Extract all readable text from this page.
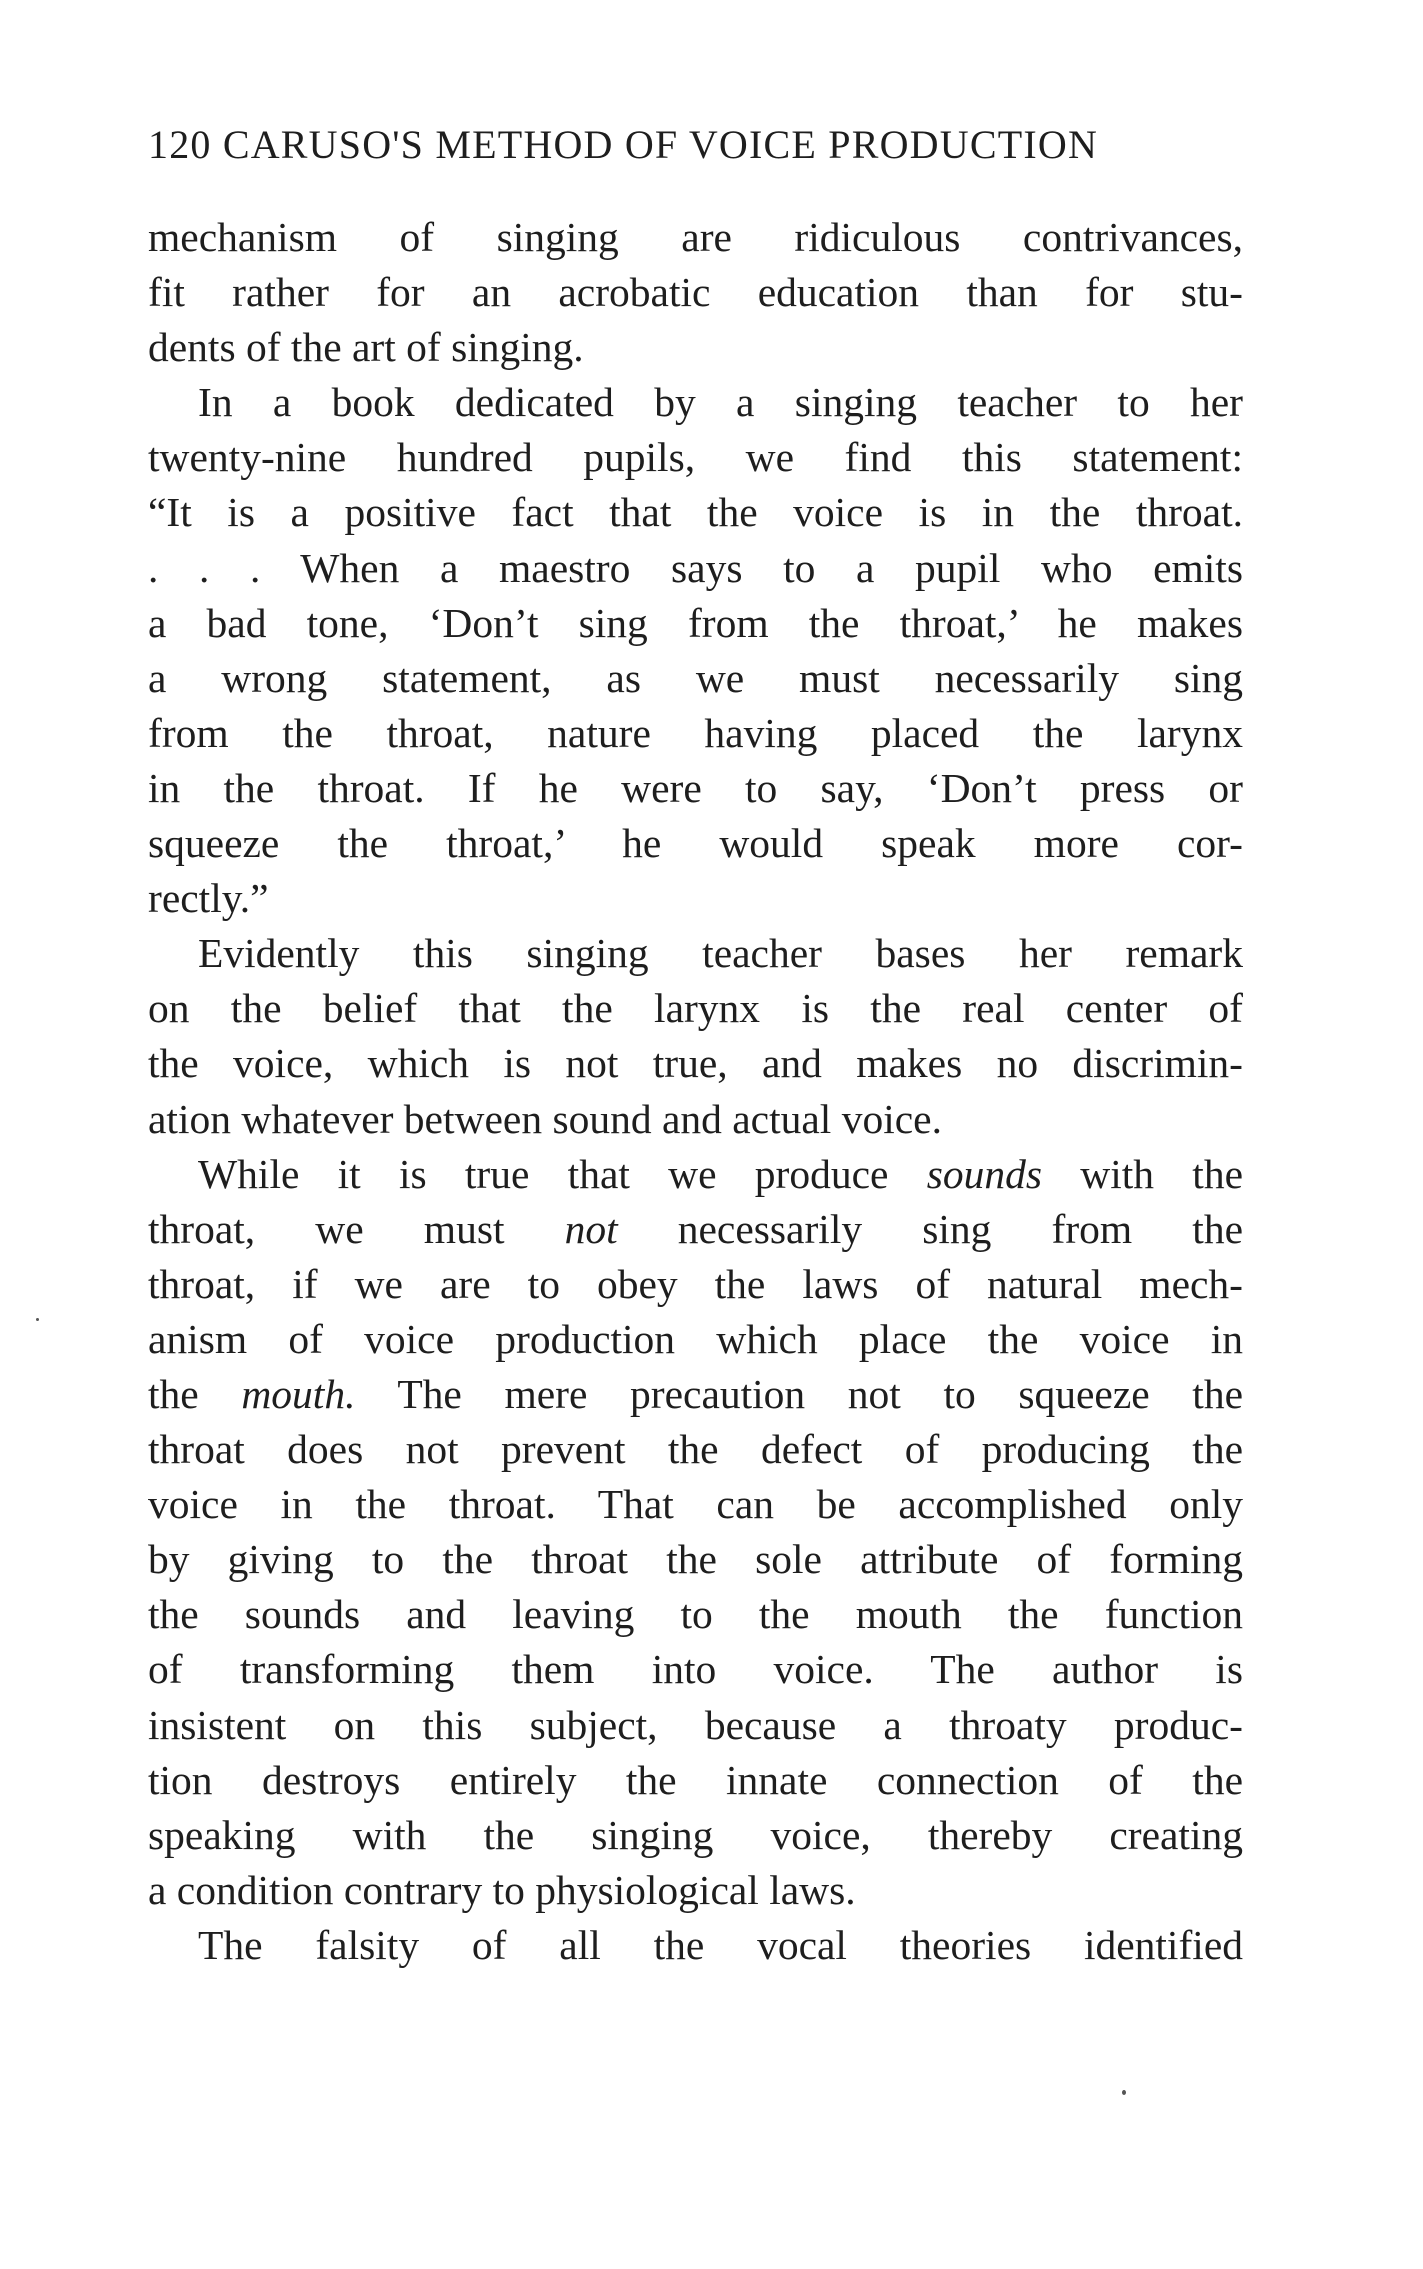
120 CARUSO'S METHOD OF VOICE PRODUCTION
mechanism of singing are ridiculous contrivances,
fit rather for an acrobatic education than for stu-
dents of the art of singing.
In a book dedicated by a singing teacher to her
twenty-nine hundred pupils, we find this statement:
“It is a positive fact that the voice is in the throat.
. . . When a maestro says to a pupil who emits
a bad tone, ‘Don’t sing from the throat,’ he makes
a wrong statement, as we must necessarily sing
from the throat, nature having placed the larynx
in the throat. If he were to say, ‘Don’t press or
squeeze the throat,’ he would speak more cor-
rectly.”
Evidently this singing teacher bases her remark
on the belief that the larynx is the real center of
the voice, which is not true, and makes no discrimin-
ation whatever between sound and actual voice.
While it is true that we produce sounds with the
throat, we must not necessarily sing from the
throat, if we are to obey the laws of natural mech-
anism of voice production which place the voice in
the mouth. The mere precaution not to squeeze the
throat does not prevent the defect of producing the
voice in the throat. That can be accomplished only
by giving to the throat the sole attribute of forming
the sounds and leaving to the mouth the function
of transforming them into voice. The author is
insistent on this subject, because a throaty produc-
tion destroys entirely the innate connection of the
speaking with the singing voice, thereby creating
a condition contrary to physiological laws.
The falsity of all the vocal theories identified
